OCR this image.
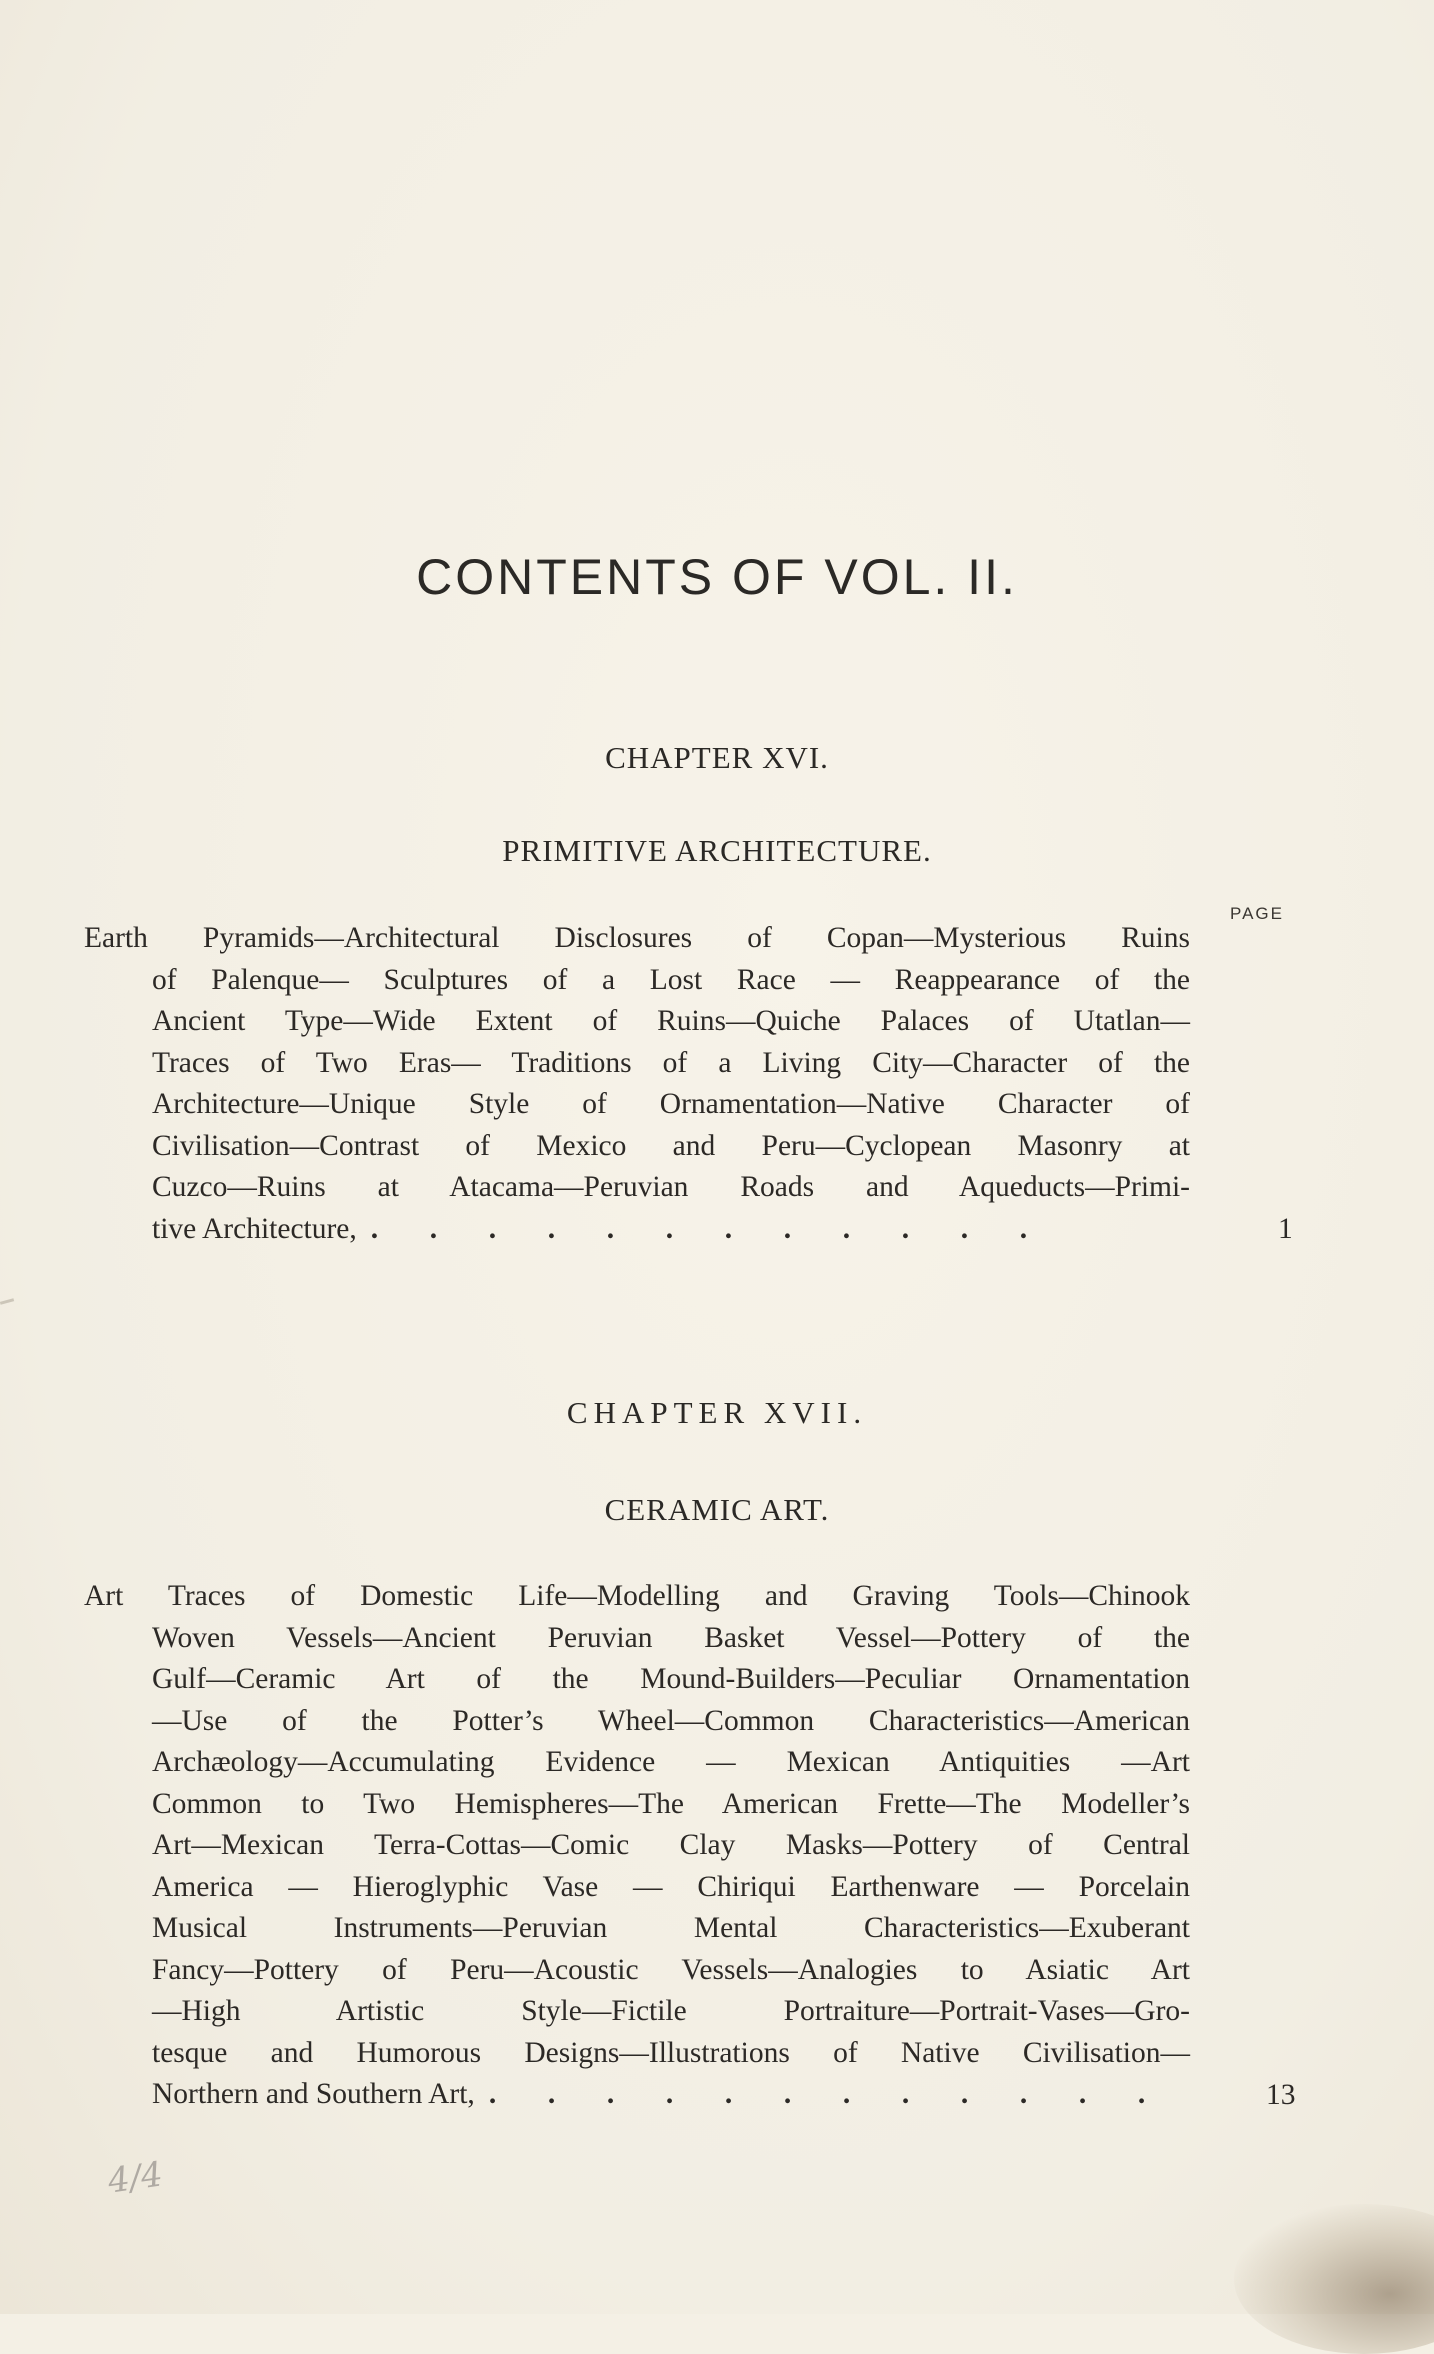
CONTENTS OF VOL. II.
CHAPTER XVI.
PRIMITIVE ARCHITECTURE.
PAGE
Earth Pyramids—Architectural Disclosures of Copan—Mysterious Ruins
of Palenque— Sculptures of a Lost Race — Reappearance of the
Ancient Type—Wide Extent of Ruins—Quiche Palaces of Utatlan—
Traces of Two Eras— Traditions of a Living City—Character of the
Architecture—Unique Style of Ornamentation—Native Character of
Civilisation—Contrast of Mexico and Peru—Cyclopean Masonry at
Cuzco—Ruins at Atacama—Peruvian Roads and Aqueducts—Primi-
tive Architecture, .	1
CHAPTER XVII.
CERAMIC ART.
Art Traces of Domestic Life—Modelling and Graving Tools—Chinook
Woven Vessels—Ancient Peruvian Basket Vessel—Pottery of the
Gulf—Ceramic Art of the Mound-Builders—Peculiar Ornamentation
—Use of the Potter’s Wheel—Common Characteristics—American
Archæology—Accumulating Evidence — Mexican Antiquities —Art
Common to Two Hemispheres—The American Frette—The Modeller’s
Art—Mexican Terra-Cottas—Comic Clay Masks—Pottery of Central
America — Hieroglyphic Vase — Chiriqui Earthenware — Porcelain
Musical Instruments—Peruvian Mental Characteristics—Exuberant
Fancy—Pottery of Peru—Acoustic Vessels—Analogies to Asiatic Art
—High Artistic Style—Fictile Portraiture—Portrait-Vases—Gro-
tesque and Humorous Designs—Illustrations of Native Civilisation—
Northern and Southern Art, .	13
4/4
